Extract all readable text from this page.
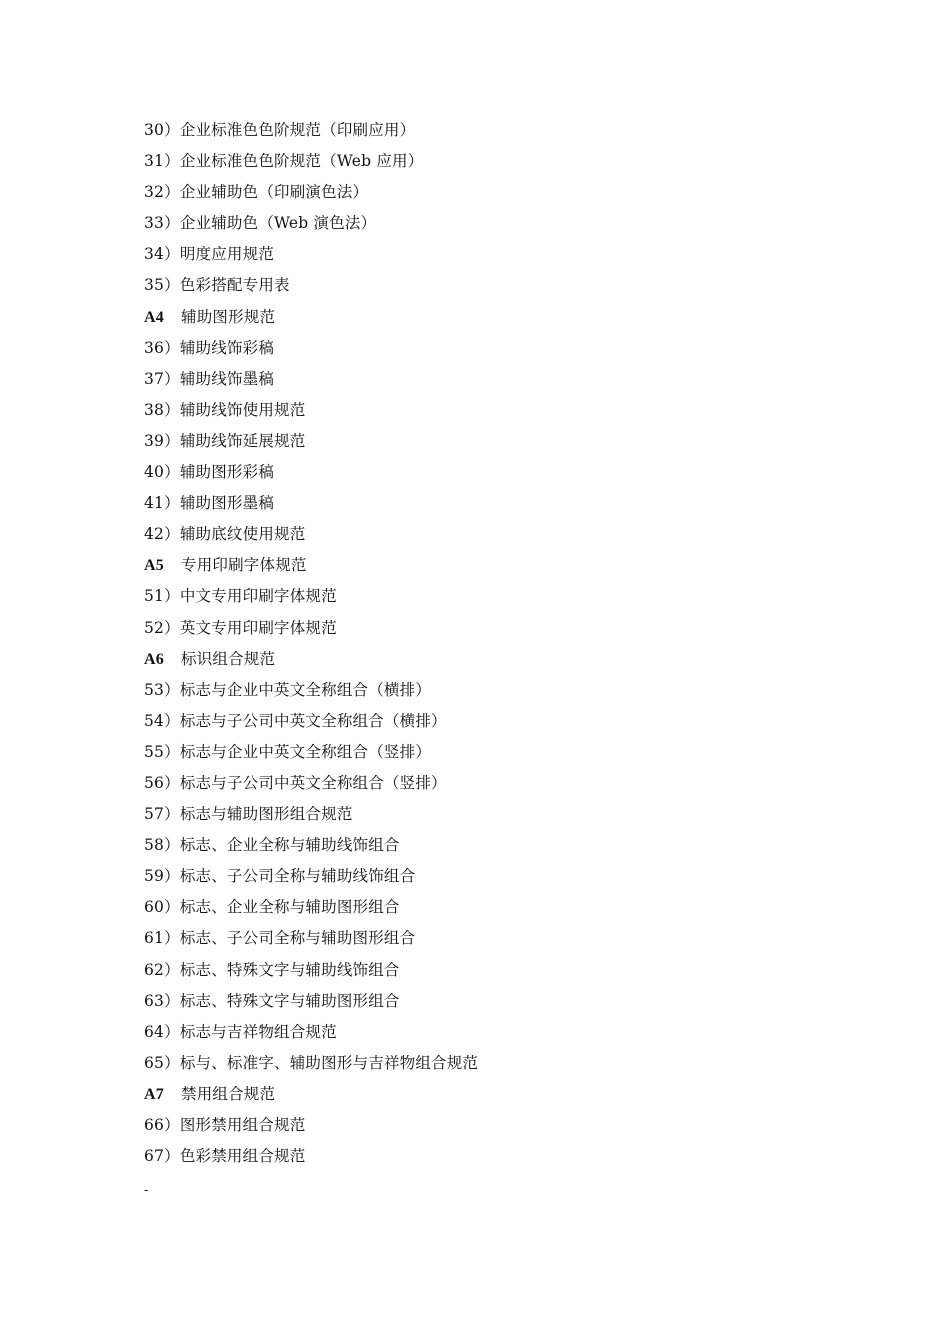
30）企业标准色色阶规范（印刷应用）
31）企业标准色色阶规范（Web 应用）
32）企业辅助色（印刷演色法）
33）企业辅助色（Web 演色法）
34）明度应用规范
35）色彩搭配专用表
A4 辅助图形规范
36）辅助线饰彩稿
37）辅助线饰墨稿
38）辅助线饰使用规范
39）辅助线饰延展规范
40）辅助图形彩稿
41）辅助图形墨稿
42）辅助底纹使用规范
A5 专用印刷字体规范
51）中文专用印刷字体规范
52）英文专用印刷字体规范
A6 标识组合规范
53）标志与企业中英文全称组合（横排）
54）标志与子公司中英文全称组合（横排）
55）标志与企业中英文全称组合（竖排）
56）标志与子公司中英文全称组合（竖排）
57）标志与辅助图形组合规范
58）标志、企业全称与辅助线饰组合
59）标志、子公司全称与辅助线饰组合
60）标志、企业全称与辅助图形组合
61）标志、子公司全称与辅助图形组合
62）标志、特殊文字与辅助线饰组合
63）标志、特殊文字与辅助图形组合
64）标志与吉祥物组合规范
65）标与、标准字、辅助图形与吉祥物组合规范
A7 禁用组合规范
66）图形禁用组合规范
67）色彩禁用组合规范
-
